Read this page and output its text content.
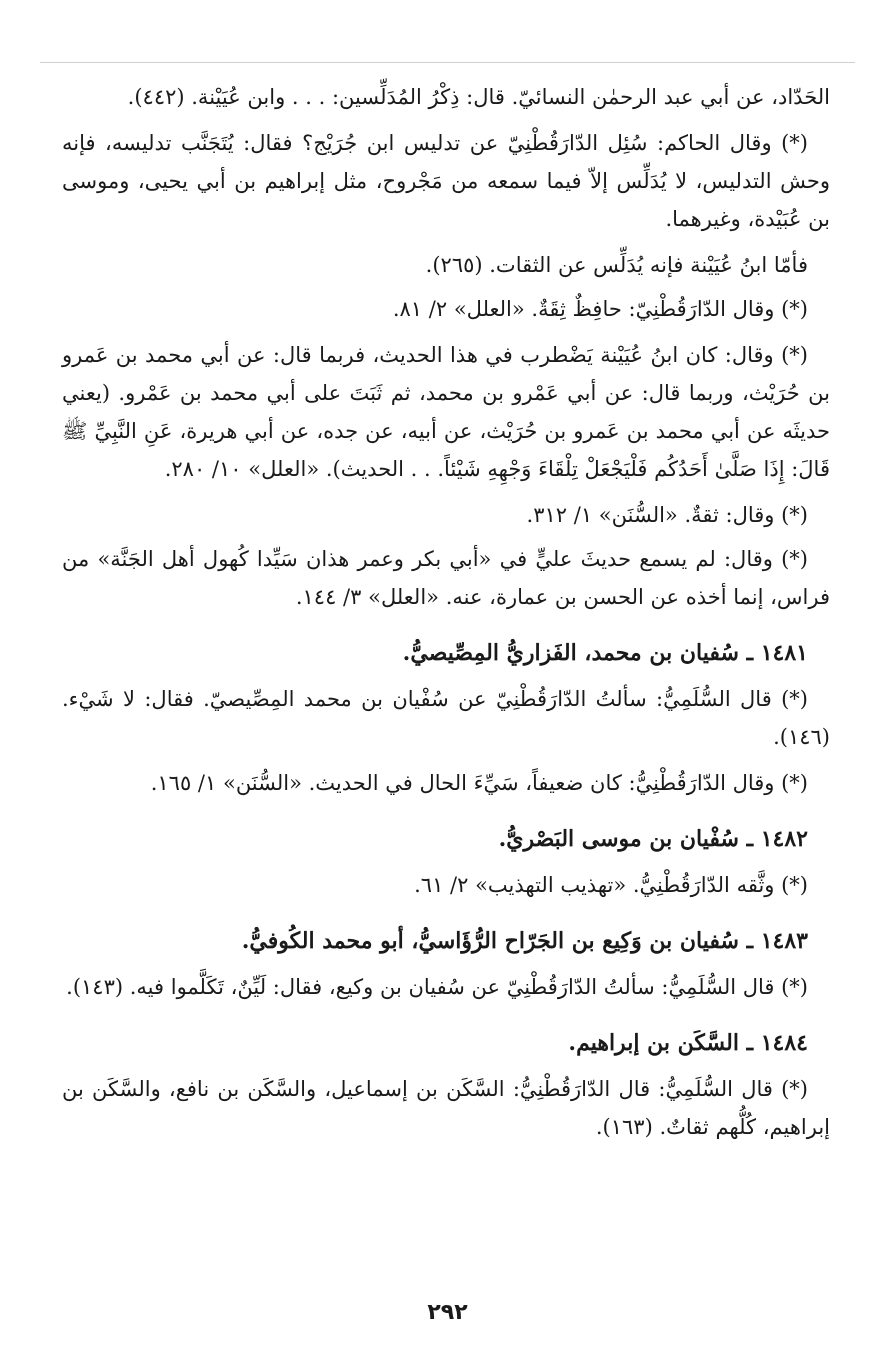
الحَدّاد، عن أبي عبد الرحمٰن النسائيّ. قال: ذِكْرُ المُدَلِّسين: . . . وابن عُيَيْنة. (٤٤٢).

(*) وقال الحاكم: سُئِل الدّارَقُطْنِيّ عن تدليس ابن جُرَيْج؟ فقال: يُتَجَنَّب تدليسه، فإنه وحش التدليس، لا يُدَلِّس إلاّ فيما سمعه من مَجْروح، مثل إبراهيم بن أبي يحيى، وموسى بن عُبَيْدة، وغيرهما.

فأمّا ابنُ عُيَيْنة فإنه يُدَلِّس عن الثقات. (٢٦٥).

(*) وقال الدّارَقُطْنِيّ: حافِظٌ ثِقَةٌ. «العلل» ٢/ ٨١.

(*) وقال: كان ابنُ عُيَيْنة يَضْطرب في هذا الحديث، فربما قال: عن أبي محمد بن عَمرو بن حُرَيْث، وربما قال: عن أبي عَمْرو بن محمد، ثم ثَبَتَ على أبي محمد بن عَمْرو. (يعني حديثَه عن أبي محمد بن عَمرو بن حُرَيْث، عن أبيه، عن جده، عن أبي هريرة، عَنِ النَّبِيِّ ﷺ قَالَ: إِذَا صَلَّىٰ أَحَدُكُم فَلْيَجْعَلْ تِلْقَاءَ وَجْهِهِ شَيْئاً. . . الحديث). «العلل» ١٠/ ٢٨٠.

(*) وقال: ثقةٌ. «السُّنَن» ١/ ٣١٢.

(*) وقال: لم يسمع حديثَ عليٍّ في «أبي بكر وعمر هذان سَيِّدا كُهول أهل الجَنَّة» من فراس، إنما أخذه عن الحسن بن عمارة، عنه. «العلل» ٣/ ١٤٤.

١٤٨١ ـ سُفيان بن محمد، الفَزاريُّ المِصِّيصيُّ.

(*) قال السُّلَمِيُّ: سألتُ الدّارَقُطْنِيّ عن سُفْيان بن محمد المِصِّيصيّ. فقال: لا شَيْء. (١٤٦).

(*) وقال الدّارَقُطْنِيُّ: كان ضعيفاً، سَيِّءَ الحال في الحديث. «السُّنَن» ١/ ١٦٥.

١٤٨٢ ـ سُفْيان بن موسى البَصْريُّ.

(*) وثَّقه الدّارَقُطْنِيُّ. «تهذيب التهذيب» ٢/ ٦١.

١٤٨٣ ـ سُفيان بن وَكِيع بن الجَرّاح الرُّؤَاسيُّ، أبو محمد الكُوفيُّ.

(*) قال السُّلَمِيُّ: سألتُ الدّارَقُطْنِيّ عن سُفيان بن وكيع، فقال: لَيِّنٌ، تَكَلَّموا فيه. (١٤٣).

١٤٨٤ ـ السَّكَن بن إبراهيم.

(*) قال السُّلَمِيُّ: قال الدّارَقُطْنِيُّ: السَّكَن بن إسماعيل، والسَّكَن بن نافع، والسَّكَن بن إبراهيم، كُلُّهم ثقاتٌ. (١٦٣).

٢٩٢
